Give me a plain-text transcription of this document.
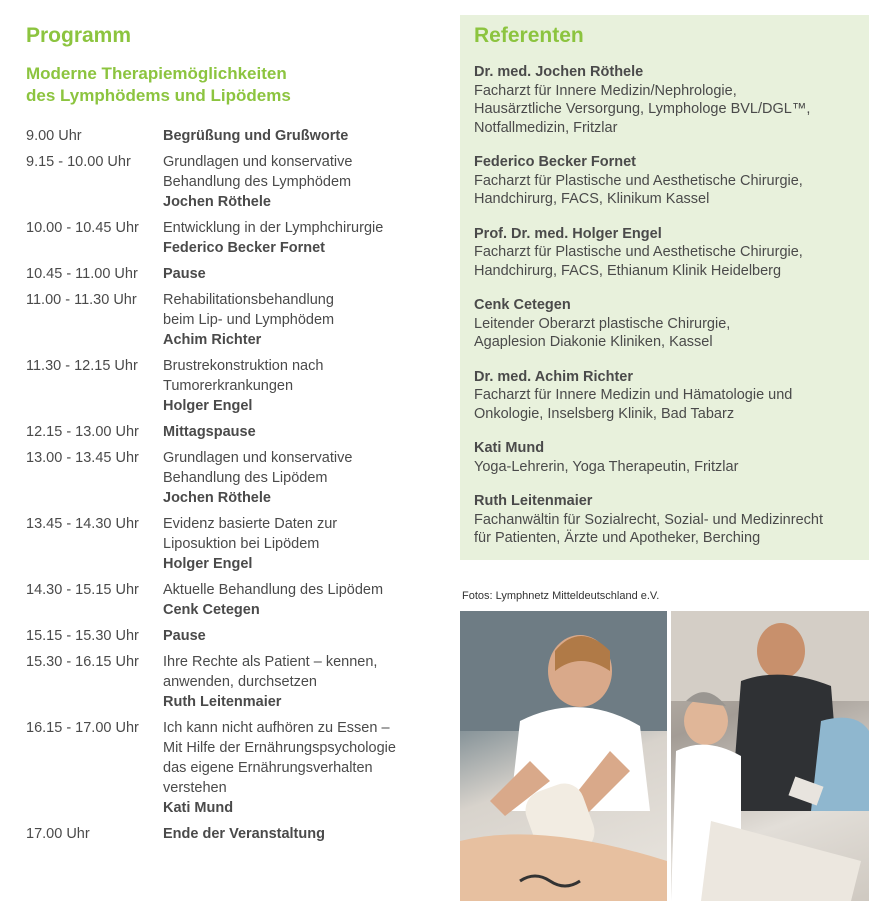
Programm
Moderne Therapiemöglichkeiten
des Lymphödems und Lipödems
9.00 Uhr	Begrüßung und Grußworte
9.15 - 10.00 Uhr	Grundlagen und konservative
Behandlung des Lymphödem
Jochen Röthele
10.00 - 10.45 Uhr	Entwicklung in der Lymphchirurgie
Federico Becker Fornet
10.45 - 11.00 Uhr	Pause
11.00 - 11.30 Uhr	Rehabilitationsbehandlung
beim Lip- und Lymphödem
Achim Richter
11.30 - 12.15 Uhr	Brustrekonstruktion nach
Tumorerkrankungen
Holger Engel
12.15 - 13.00 Uhr	Mittagspause
13.00 - 13.45 Uhr	Grundlagen und konservative
Behandlung des Lipödem
Jochen Röthele
13.45 - 14.30 Uhr	Evidenz basierte Daten zur
Liposuktion bei Lipödem
Holger Engel
14.30 - 15.15 Uhr	Aktuelle Behandlung des Lipödem
Cenk Cetegen
15.15 - 15.30 Uhr	Pause
15.30 - 16.15 Uhr	Ihre Rechte als Patient – kennen,
anwenden, durchsetzen
Ruth Leitenmaier
16.15 - 17.00 Uhr	Ich kann nicht aufhören zu Essen –
Mit Hilfe der Ernährungspsychologie
das eigene Ernährungsverhalten
verstehen
Kati Mund
17.00 Uhr	Ende der Veranstaltung
Referenten
Dr. med. Jochen Röthele
Facharzt für Innere Medizin/Nephrologie,
Hausärztliche Versorgung, Lymphologe BVL/DGL™,
Notfallmedizin, Fritzlar
Federico Becker Fornet
Facharzt für Plastische und Aesthetische Chirurgie,
Handchirurg, FACS, Klinikum Kassel
Prof. Dr. med. Holger Engel
Facharzt für Plastische und Aesthetische Chirurgie,
Handchirurg, FACS, Ethianum Klinik Heidelberg
Cenk Cetegen
Leitender Oberarzt plastische Chirurgie,
Agaplesion Diakonie Kliniken, Kassel
Dr. med. Achim Richter
Facharzt für Innere Medizin und Hämatologie und
Onkologie, Inselsberg Klinik, Bad Tabarz
Kati Mund
Yoga-Lehrerin, Yoga Therapeutin, Fritzlar
Ruth Leitenmaier
Fachanwältin für Sozialrecht, Sozial- und Medizinrecht
für Patienten, Ärzte und Apotheker, Berching
Fotos: Lymphnetz Mitteldeutschland e.V.
